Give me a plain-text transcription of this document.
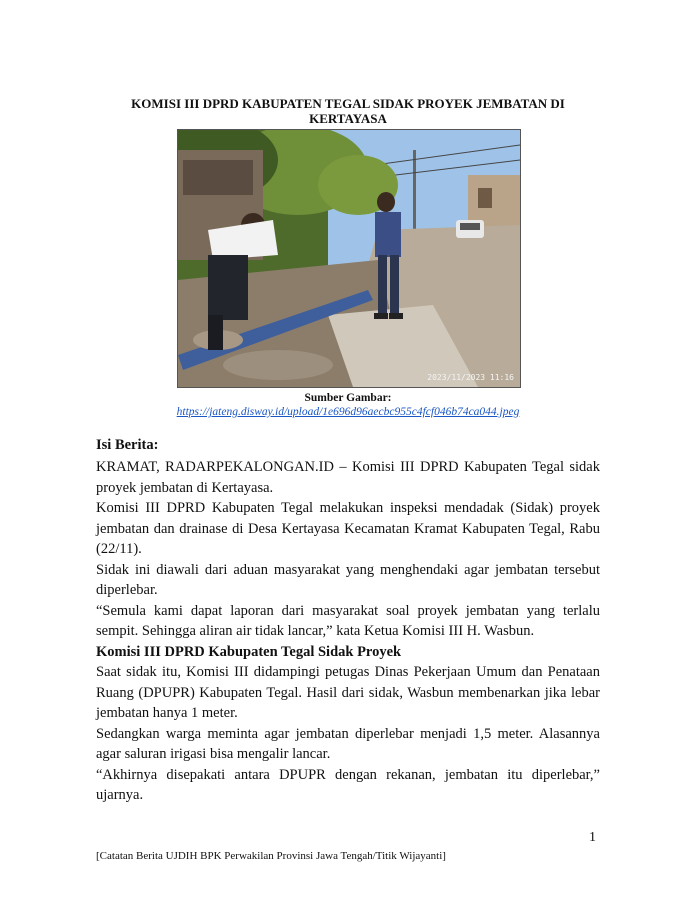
KOMISI III DPRD KABUPATEN TEGAL SIDAK PROYEK JEMBATAN DI KERTAYASA
2023/11/2023 11:16
Sumber Gambar:
https://jateng.disway.id/upload/1e696d96aecbc955c4fcf046b74ca044.jpeg
Isi Berita:

KRAMAT, RADARPEKALONGAN.ID – Komisi III DPRD Kabupaten Tegal sidak proyek jembatan di Kertayasa.

Komisi III DPRD Kabupaten Tegal melakukan inspeksi mendadak (Sidak) proyek jembatan dan drainase di Desa Kertayasa Kecamatan Kramat Kabupaten Tegal, Rabu (22/11).

Sidak ini diawali dari aduan masyarakat yang menghendaki agar jembatan tersebut diperlebar.

“Semula kami dapat laporan dari masyarakat soal proyek jembatan yang terlalu sempit. Sehingga aliran air tidak lancar,” kata Ketua Komisi III H. Wasbun.

Komisi III DPRD Kabupaten Tegal Sidak Proyek

Saat sidak itu, Komisi III didampingi petugas Dinas Pekerjaan Umum dan Penataan Ruang (DPUPR) Kabupaten Tegal. Hasil dari sidak, Wasbun membenarkan jika lebar jembatan hanya 1 meter.

Sedangkan warga meminta agar jembatan diperlebar menjadi 1,5 meter. Alasannya agar saluran irigasi bisa mengalir lancar.

“Akhirnya disepakati antara DPUPR dengan rekanan, jembatan itu diperlebar,” ujarnya.

1
[Catatan Berita UJDIH BPK Perwakilan Provinsi Jawa Tengah/Titik Wijayanti]
